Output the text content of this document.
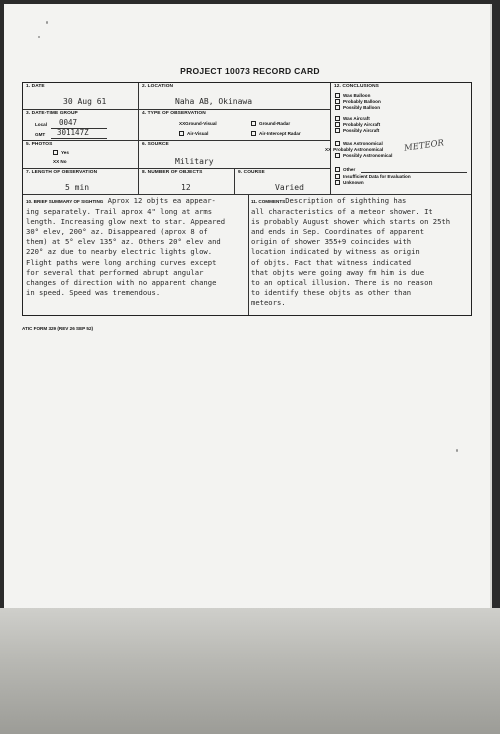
PROJECT 10073 RECORD CARD
1. DATE
30 Aug 61
2. LOCATION
Naha AB, Okinawa
3. DATE-TIME GROUP
Local 0047
GMT 301147Z
4. TYPE OF OBSERVATION
XXGround-Visual	Ground-Radar
Air-Visual	Air-Intercept Radar
5. PHOTOS
Yes
XX No
6. SOURCE
Military
7. LENGTH OF OBSERVATION
5 min
8. NUMBER OF OBJECTS
12
9. COURSE
Varied
10. BRIEF SUMMARY OF SIGHTING Aprox 12 objts ea appear-
ing separately. Trail aprox 4" long at arms
length. Increasing glow next to star. Appeared
30° elev, 200° az. Disappeared (aprox 8 of
them) at 5° elev 135° az. Others 20° elev and
220° az due to nearby electric lights glow.
Flight paths were long arching curves except
for several that performed abrupt angular
changes of direction with no apparent change
in speed. Speed was tremendous.
11. COMMENTSDescription of sighthing has
all characteristics of a meteor shower. It
is probably August shower which starts on 25th
and ends in Sep. Coordinates of apparent
origin of shower 355+9 coincides with
location indicated by witness as origin
of objts. Fact that witness indicated
that objts were going away fm him is due
to an optical illusion. There is no reason
to identify these objts as other than
meteors.
12. CONCLUSIONS
Was Balloon
Probably Balloon
Possibly Balloon
Was Aircraft
Probably Aircraft
Possibly Aircraft
Was Astronomical
XX Probably Astronomical
Possibly Astronomical
Other
Insufficient Data for Evaluation
Unknown
METEOR
ATIC FORM 329 (REV 26 SEP 52)
